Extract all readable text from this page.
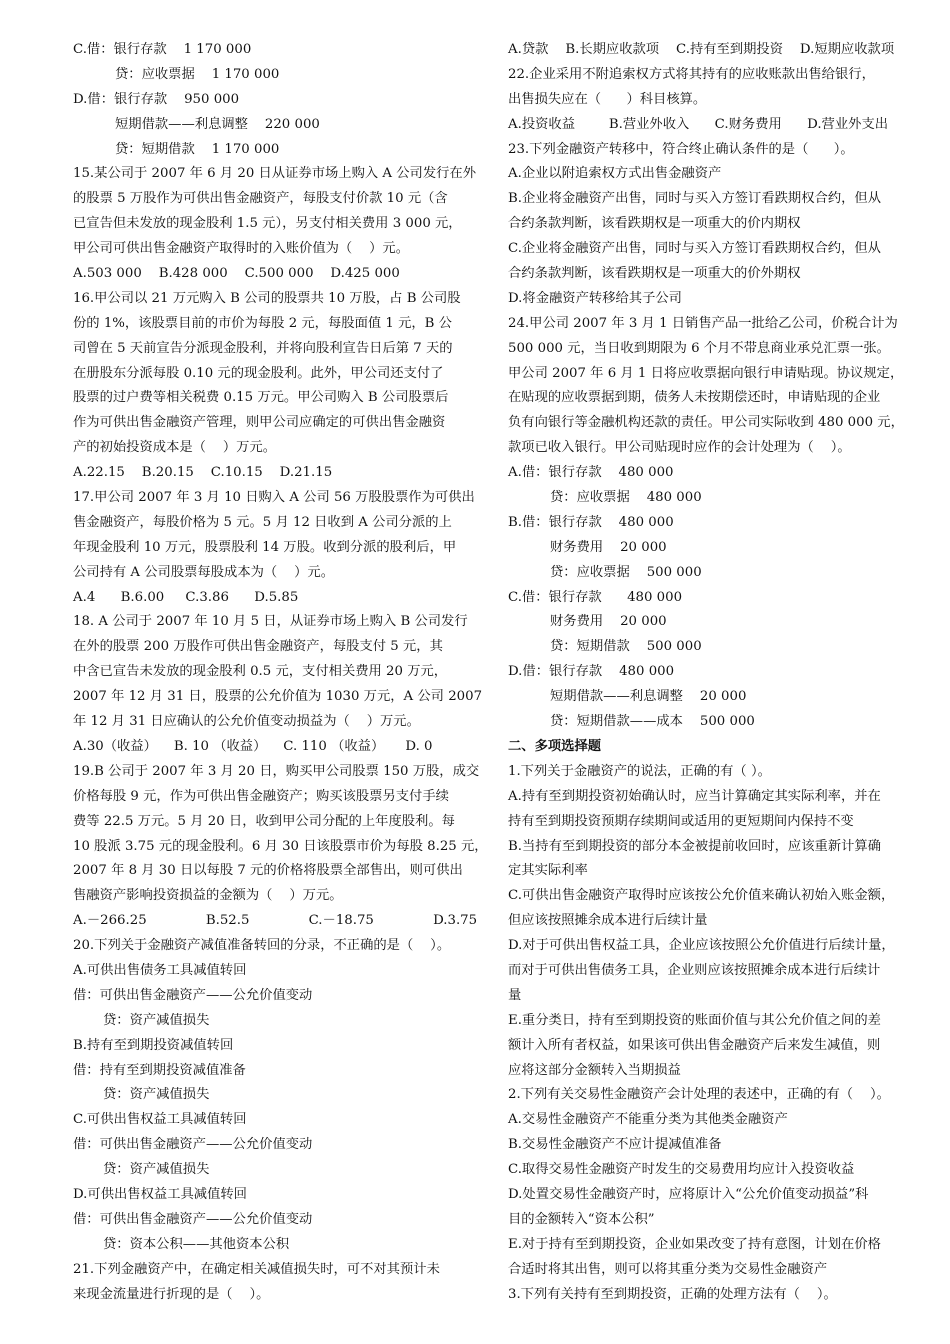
C.借：银行存款    1 170 000
贷：应收票据    1 170 000
D.借：银行存款    950 000
短期借款——利息调整    220 000
贷：短期借款    1 170 000
15.某公司于 2007 年 6 月 20 日从证券市场上购入 A 公司发行在外
的股票 5 万股作为可供出售金融资产，每股支付价款 10 元（含
已宣告但未发放的现金股利 1.5 元），另支付相关费用 3 000 元，
甲公司可供出售金融资产取得时的入账价值为（    ）元。
A.503 000    B.428 000    C.500 000    D.425 000
16.甲公司以 21 万元购入 B 公司的股票共 10 万股，占 B 公司股
份的 1%，该股票目前的市价为每股 2 元，每股面值 1 元，B 公
司曾在 5 天前宣告分派现金股利，并将向股利宣告日后第 7 天的
在册股东分派每股 0.10 元的现金股利。此外，甲公司还支付了
股票的过户费等相关税费 0.15 万元。甲公司购入 B 公司股票后
作为可供出售金融资产管理，则甲公司应确定的可供出售金融资
产的初始投资成本是（    ）万元。
A.22.15    B.20.15    C.10.15    D.21.15
17.甲公司 2007 年 3 月 10 日购入 A 公司 56 万股股票作为可供出
售金融资产，每股价格为 5 元。5 月 12 日收到 A 公司分派的上
年现金股利 10 万元，股票股利 14 万股。收到分派的股利后，甲
公司持有 A 公司股票每股成本为（    ）元。
A.4      B.6.00     C.3.86      D.5.85
18. A 公司于 2007 年 10 月 5 日，从证券市场上购入 B 公司发行
在外的股票 200 万股作可供出售金融资产，每股支付 5 元，其
中含已宣告未发放的现金股利 0.5 元，支付相关费用 20 万元，
2007 年 12 月 31 日，股票的公允价值为 1030 万元，A 公司 2007
年 12 月 31 日应确认的公允价值变动损益为（    ）万元。
A.30（收益）    B. 10 （收益）    C. 110 （收益）     D. 0
19.B 公司于 2007 年 3 月 20 日，购买甲公司股票 150 万股，成交
价格每股 9 元，作为可供出售金融资产；购买该股票另支付手续
费等 22.5 万元。5 月 20 日，收到甲公司分配的上年度股利。每
10 股派 3.75 元的现金股利。6 月 30 日该股票市价为每股 8.25 元，
2007 年 8 月 30 日以每股 7 元的价格将股票全部售出，则可供出
售融资产影响投资损益的金额为（    ）万元。
A.－266.25              B.52.5              C.－18.75              D.3.75
20.下列关于金融资产减值准备转回的分录，不正确的是（    ）。
A.可供出售债务工具减值转回
借：可供出售金融资产——公允价值变动
贷：资产减值损失
B.持有至到期投资减值转回
借：持有至到期投资减值准备
贷：资产减值损失
C.可供出售权益工具减值转回
借：可供出售金融资产——公允价值变动
贷：资产减值损失
D.可供出售权益工具减值转回
借：可供出售金融资产——公允价值变动
贷：资本公积——其他资本公积
21.下列金融资产中，在确定相关减值损失时，可不对其预计未
来现金流量进行折现的是（    ）。
A.贷款    B.长期应收款项    C.持有至到期投资    D.短期应收款项
22.企业采用不附追索权方式将其持有的应收账款出售给银行，
出售损失应在（      ）科目核算。
A.投资收益        B.营业外收入      C.财务费用      D.营业外支出
23.下列金融资产转移中，符合终止确认条件的是（      ）。
A.企业以附追索权方式出售金融资产
B.企业将金融资产出售，同时与买入方签订看跌期权合约，但从
合约条款判断，该看跌期权是一项重大的价内期权
C.企业将金融资产出售，同时与买入方签订看跌期权合约，但从
合约条款判断，该看跌期权是一项重大的价外期权
D.将金融资产转移给其子公司
24.甲公司 2007 年 3 月 1 日销售产品一批给乙公司，价税合计为
500 000 元，当日收到期限为 6 个月不带息商业承兑汇票一张。
甲公司 2007 年 6 月 1 日将应收票据向银行申请贴现。协议规定，
在贴现的应收票据到期，债务人未按期偿还时，申请贴现的企业
负有向银行等金融机构还款的责任。甲公司实际收到 480 000 元，
款项已收入银行。甲公司贴现时应作的会计处理为（    ）。
A.借：银行存款    480 000
贷：应收票据    480 000
B.借：银行存款    480 000
财务费用    20 000
贷：应收票据    500 000
C.借：银行存款      480 000
财务费用    20 000
贷：短期借款    500 000
D.借：银行存款    480 000
短期借款——利息调整    20 000
贷：短期借款——成本    500 000
二、多项选择题
1.下列关于金融资产的说法，正确的有（ ）。
A.持有至到期投资初始确认时，应当计算确定其实际利率，并在
持有至到期投资预期存续期间或适用的更短期间内保持不变
B.当持有至到期投资的部分本金被提前收回时，应该重新计算确
定其实际利率
C.可供出售金融资产取得时应该按公允价值来确认初始入账金额，
但应该按照摊余成本进行后续计量
D.对于可供出售权益工具，企业应该按照公允价值进行后续计量，
而对于可供出售债务工具，企业则应该按照摊余成本进行后续计
量
E.重分类日，持有至到期投资的账面价值与其公允价值之间的差
额计入所有者权益，如果该可供出售金融资产后来发生减值，则
应将这部分金额转入当期损益
2.下列有关交易性金融资产会计处理的表述中，正确的有（    ）。
A.交易性金融资产不能重分类为其他类金融资产
B.交易性金融资产不应计提减值准备
C.取得交易性金融资产时发生的交易费用均应计入投资收益
D.处置交易性金融资产时，应将原计入“公允价值变动损益”科
目的金额转入“资本公积”
E.对于持有至到期投资，企业如果改变了持有意图，计划在价格
合适时将其出售，则可以将其重分类为交易性金融资产
3.下列有关持有至到期投资，正确的处理方法有（    ）。
